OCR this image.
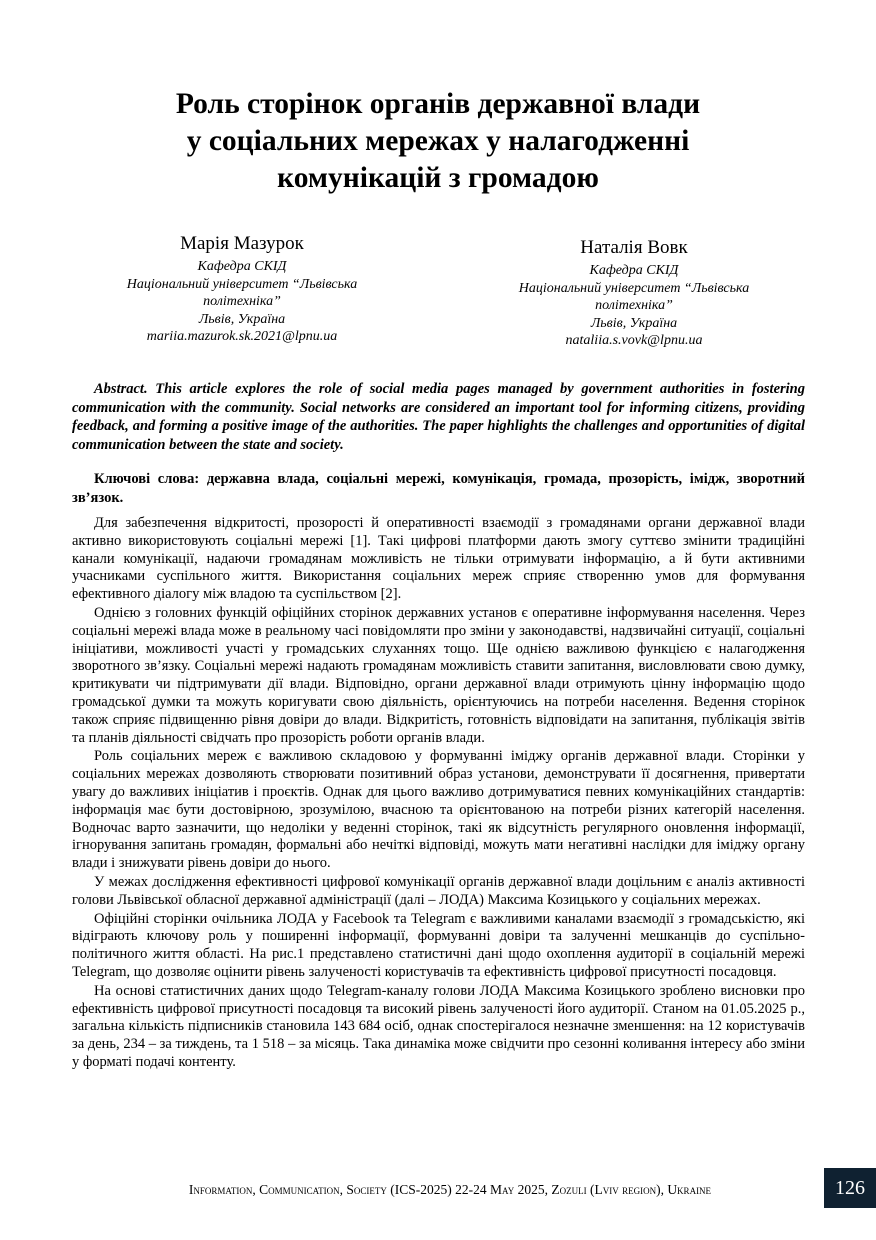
Роль сторінок органів державної влади
у соціальних мережах у налагодженні
комунікацій з громадою
Марія Мазурок
Кафедра СКІД
Національний університет “Львівська
політехніка”
Львів, Україна
mariia.mazurok.sk.2021@lpnu.ua
Наталія Вовк
Кафедра СКІД
Національний університет “Львівська
політехніка”
Львів, Україна
nataliia.s.vovk@lpnu.ua
Abstract. This article explores the role of social media pages managed by government authorities in fostering communication with the community. Social networks are considered an important tool for informing citizens, providing feedback, and forming a positive image of the authorities. The paper highlights the challenges and opportunities of digital communication between the state and society.
Ключові слова: державна влада, соціальні мережі, комунікація, громада, прозорість, імідж, зворотний зв’язок.

Для забезпечення відкритості, прозорості й оперативності взаємодії з громадянами органи державної влади активно використовують соціальні мережі [1]. Такі цифрові платформи дають змогу суттєво змінити традиційні канали комунікації, надаючи громадянам можливість не тільки отримувати інформацію, а й бути активними учасниками суспільного життя. Використання соціальних мереж сприяє створенню умов для формування ефективного діалогу між владою та суспільством [2].

Однією з головних функцій офіційних сторінок державних установ є оперативне інформування населення. Через соціальні мережі влада може в реальному часі повідомляти про зміни у законодавстві, надзвичайні ситуації, соціальні ініціативи, можливості участі у громадських слуханнях тощо. Ще однією важливою функцією є налагодження зворотного зв’язку. Соціальні мережі надають громадянам можливість ставити запитання, висловлювати свою думку, критикувати чи підтримувати дії влади. Відповідно, органи державної влади отримують цінну інформацію щодо громадської думки та можуть коригувати свою діяльність, орієнтуючись на потреби населення. Ведення сторінок також сприяє підвищенню рівня довіри до влади. Відкритість, готовність відповідати на запитання, публікація звітів та планів діяльності свідчать про прозорість роботи органів влади.

Роль соціальних мереж є важливою складовою у формуванні іміджу органів державної влади. Сторінки у соціальних мережах дозволяють створювати позитивний образ установи, демонструвати її досягнення, привертати увагу до важливих ініціатив і проєктів. Однак для цього важливо дотримуватися певних комунікаційних стандартів: інформація має бути достовірною, зрозумілою, вчасною та орієнтованою на потреби різних категорій населення. Водночас варто зазначити, що недоліки у веденні сторінок, такі як відсутність регулярного оновлення інформації, ігнорування запитань громадян, формальні або нечіткі відповіді, можуть мати негативні наслідки для іміджу органу влади і знижувати рівень довіри до нього.

У межах дослідження ефективності цифрової комунікації органів державної влади доцільним є аналіз активності голови Львівської обласної державної адміністрації (далі – ЛОДА) Максима Козицького у соціальних мережах.

Офіційні сторінки очільника ЛОДА у Facebook та Telegram є важливими каналами взаємодії з громадськістю, які відіграють ключову роль у поширенні інформації, формуванні довіри та залученні мешканців до суспільно-політичного життя області. На рис.1 представлено статистичні дані щодо охоплення аудиторії в соціальній мережі Telegram, що дозволяє оцінити рівень залученості користувачів та ефективність цифрової присутності посадовця.

На основі статистичних даних щодо Telegram-каналу голови ЛОДА Максима Козицького зроблено висновки про ефективність цифрової присутності посадовця та високий рівень залученості його аудиторії. Станом на 01.05.2025 р., загальна кількість підписників становила 143 684 осіб, однак спостерігалося незначне зменшення: на 12 користувачів за день, 234 – за тиждень, та 1 518 – за місяць. Така динаміка може свідчити про сезонні коливання інтересу або зміни у форматі подачі контенту.

Information, Communication, Society (ICS-2025) 22-24 May 2025, Zozuli (Lviv region), Ukraine	126
